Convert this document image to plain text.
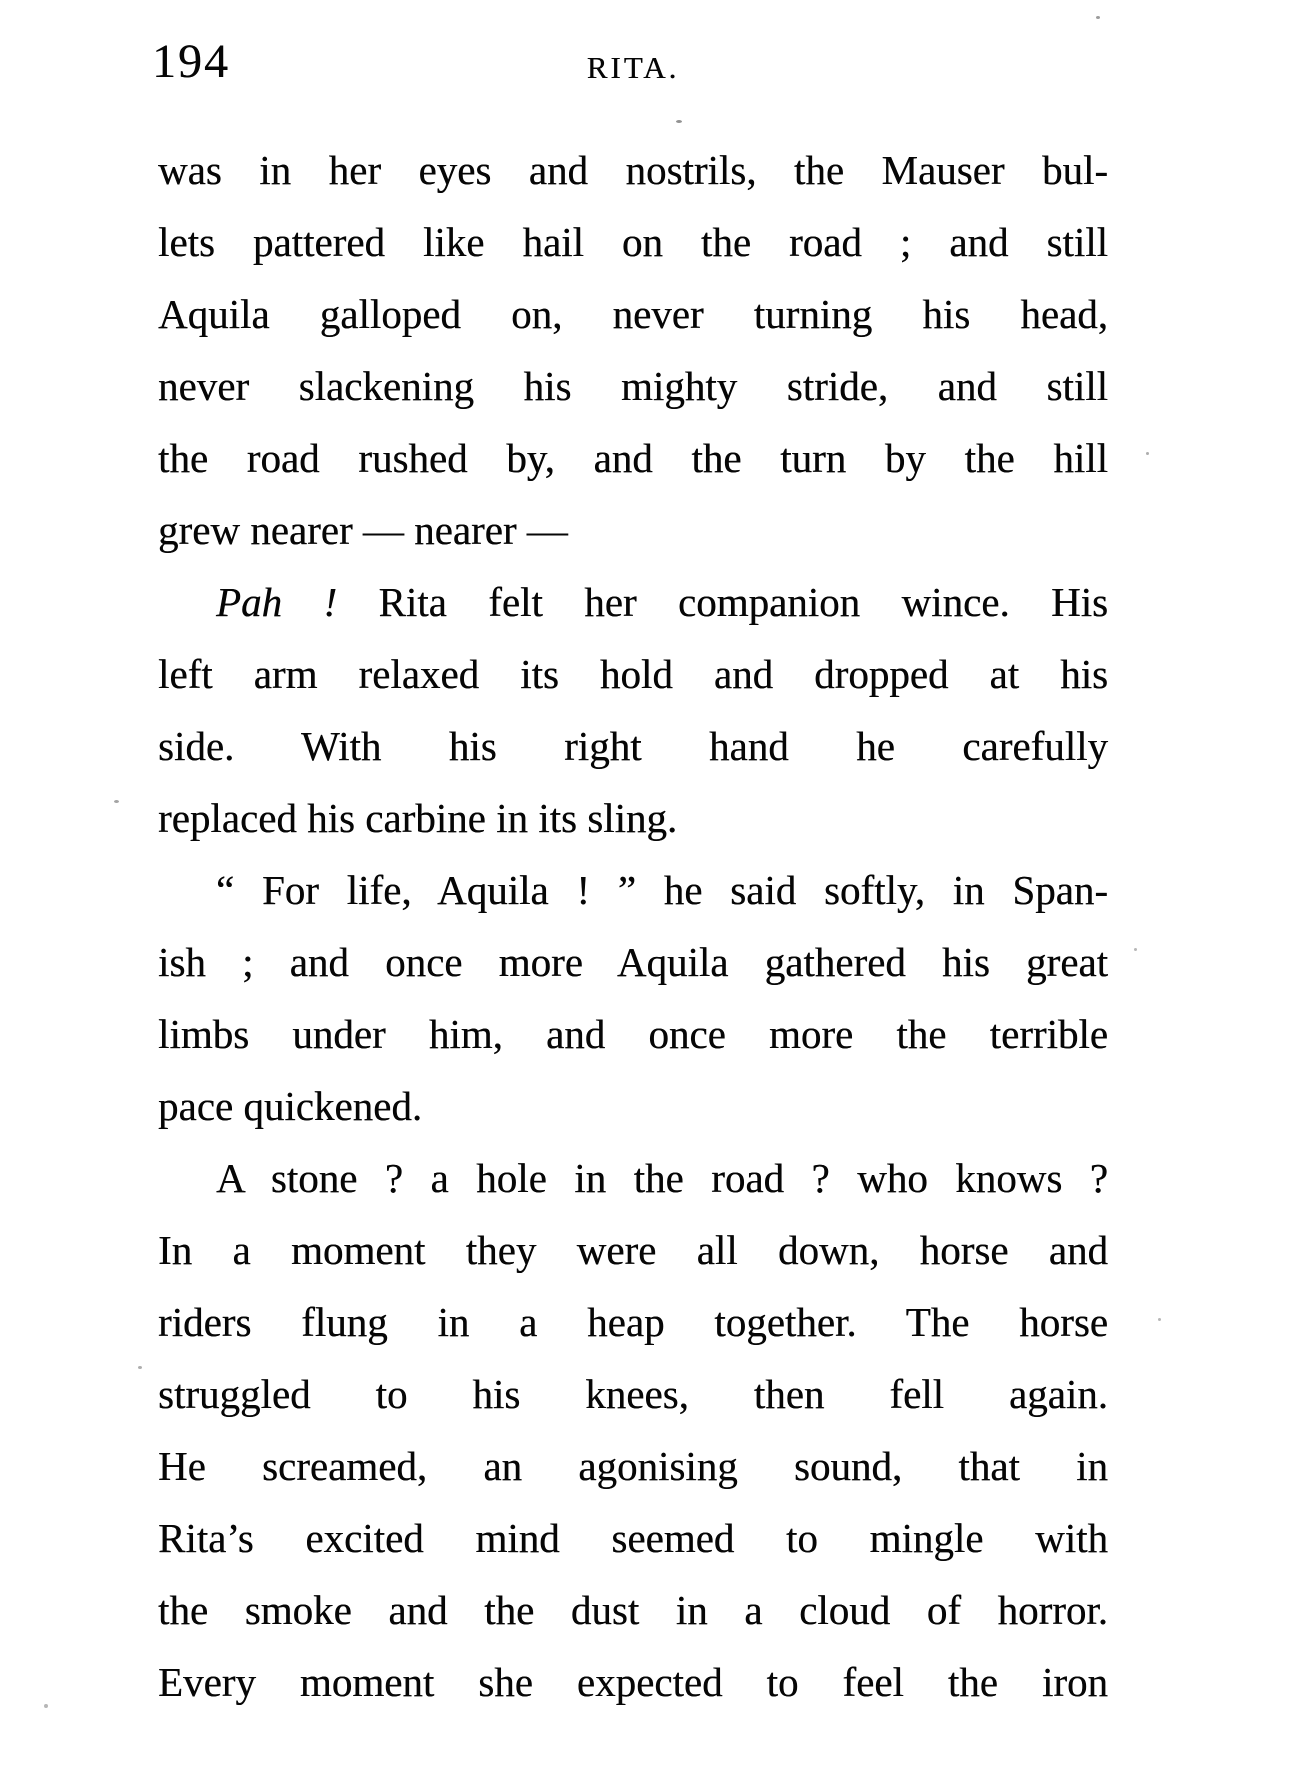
194	RITA.
was in her eyes and nostrils, the Mauser bul-
lets pattered like hail on the road ; and still
Aquila galloped on, never turning his head,
never slackening his mighty stride, and still
the road rushed by, and the turn by the hill
grew nearer — nearer —
Pah ! Rita felt her companion wince. His
left arm relaxed its hold and dropped at his
side. With his right hand he carefully
replaced his carbine in its sling.
“ For life, Aquila ! ” he said softly, in Span-
ish ; and once more Aquila gathered his great
limbs under him, and once more the terrible
pace quickened.
A stone ? a hole in the road ? who knows ?
In a moment they were all down, horse and
riders flung in a heap together. The horse
struggled to his knees, then fell again.
He screamed, an agonising sound, that in
Rita’s excited mind seemed to mingle with
the smoke and the dust in a cloud of horror.
Every moment she expected to feel the iron
